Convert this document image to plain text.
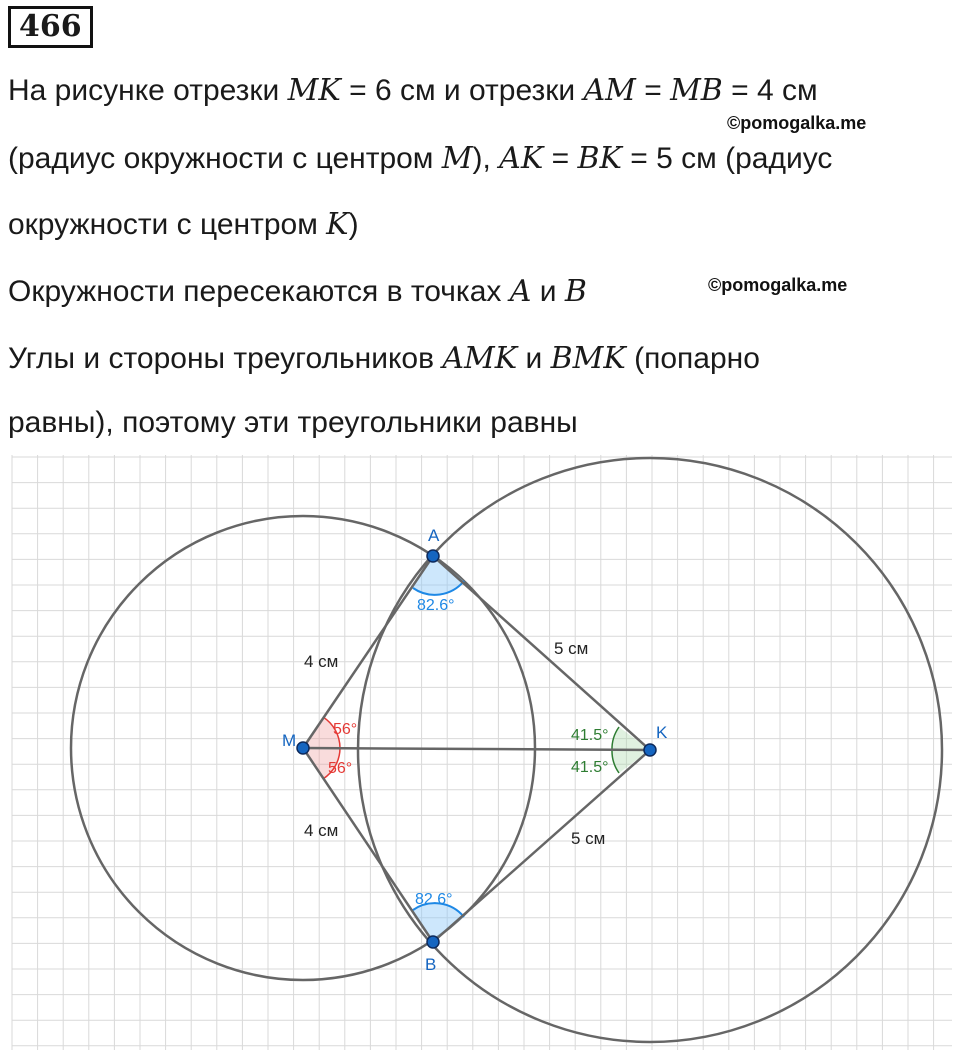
466
На рисунке отрезки MK = 6 см и отрезки AM = MB = 4 см
©pomogalka.me
(радиус окружности с центром M), AK = BK = 5 см (радиус
окружности с центром K)
Окружности пересекаются в точках A и B	©pomogalka.me
Углы и стороны треугольников AMK и BMK (попарно
равны), поэтому эти треугольники равны
A
B
M	K
4 см
4 см
5 см
5 см
82.6°
82.6°
56°
56°
41.5°
41.5°
